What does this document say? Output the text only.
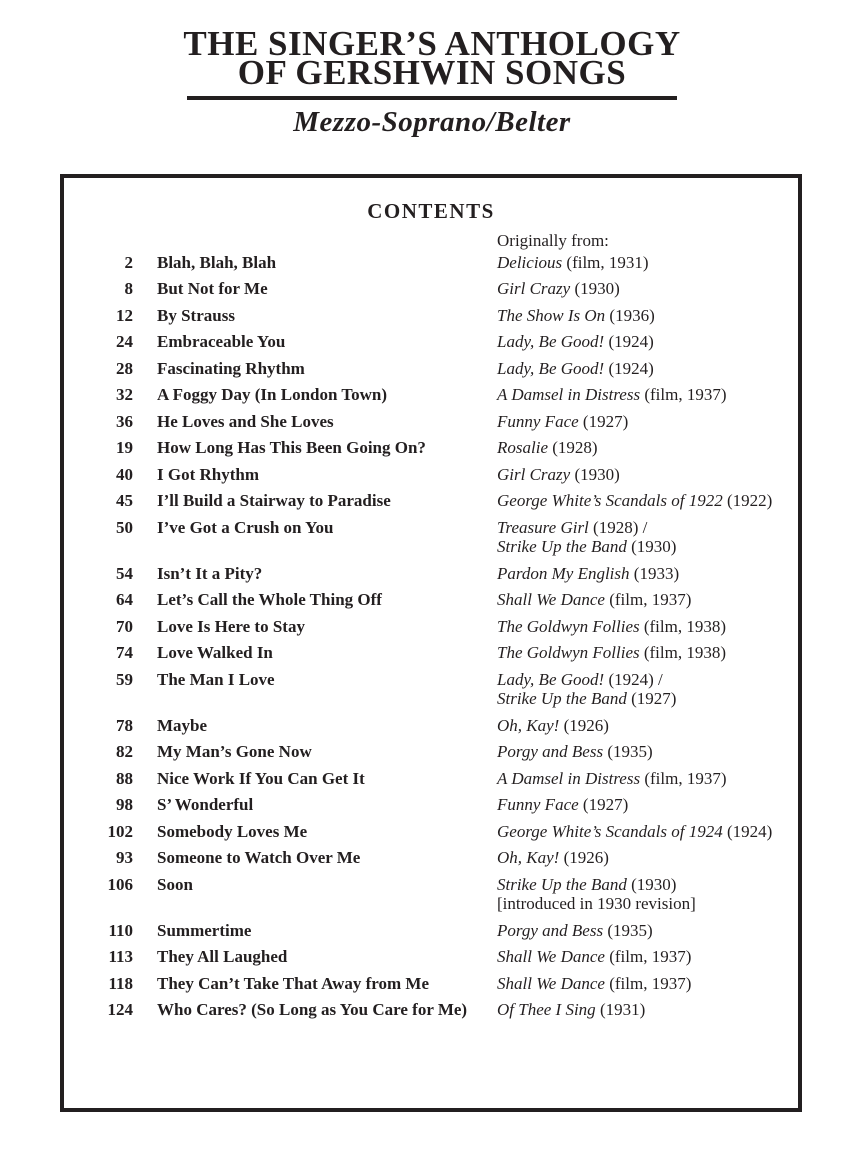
THE SINGER’S ANTHOLOGY
OF GERSHWIN SONGS
Mezzo-Soprano/Belter
CONTENTS
Originally from:
2 Blah, Blah, Blah	Delicious (film, 1931)
8 But Not for Me	Girl Crazy (1930)
12 By Strauss	The Show Is On (1936)
24 Embraceable You	Lady, Be Good! (1924)
28 Fascinating Rhythm	Lady, Be Good! (1924)
32 A Foggy Day (In London Town)	A Damsel in Distress (film, 1937)
36 He Loves and She Loves	Funny Face (1927)
19 How Long Has This Been Going On?	Rosalie (1928)
40 I Got Rhythm	Girl Crazy (1930)
45 I’ll Build a Stairway to Paradise	George White’s Scandals of 1922 (1922)
50 I’ve Got a Crush on You	Treasure Girl (1928) /
Strike Up the Band (1930)
54 Isn’t It a Pity?	Pardon My English (1933)
64 Let’s Call the Whole Thing Off	Shall We Dance (film, 1937)
70 Love Is Here to Stay	The Goldwyn Follies (film, 1938)
74 Love Walked In	The Goldwyn Follies (film, 1938)
59 The Man I Love	Lady, Be Good! (1924) /
Strike Up the Band (1927)
78 Maybe	Oh, Kay! (1926)
82 My Man’s Gone Now	Porgy and Bess (1935)
88 Nice Work If You Can Get It	A Damsel in Distress (film, 1937)
98 S’ Wonderful	Funny Face (1927)
102 Somebody Loves Me	George White’s Scandals of 1924 (1924)
93 Someone to Watch Over Me	Oh, Kay! (1926)
106 Soon	Strike Up the Band (1930)
[introduced in 1930 revision]
110 Summertime	Porgy and Bess (1935)
113 They All Laughed	Shall We Dance (film, 1937)
118 They Can’t Take That Away from Me	Shall We Dance (film, 1937)
124 Who Cares? (So Long as You Care for Me)	Of Thee I Sing (1931)
